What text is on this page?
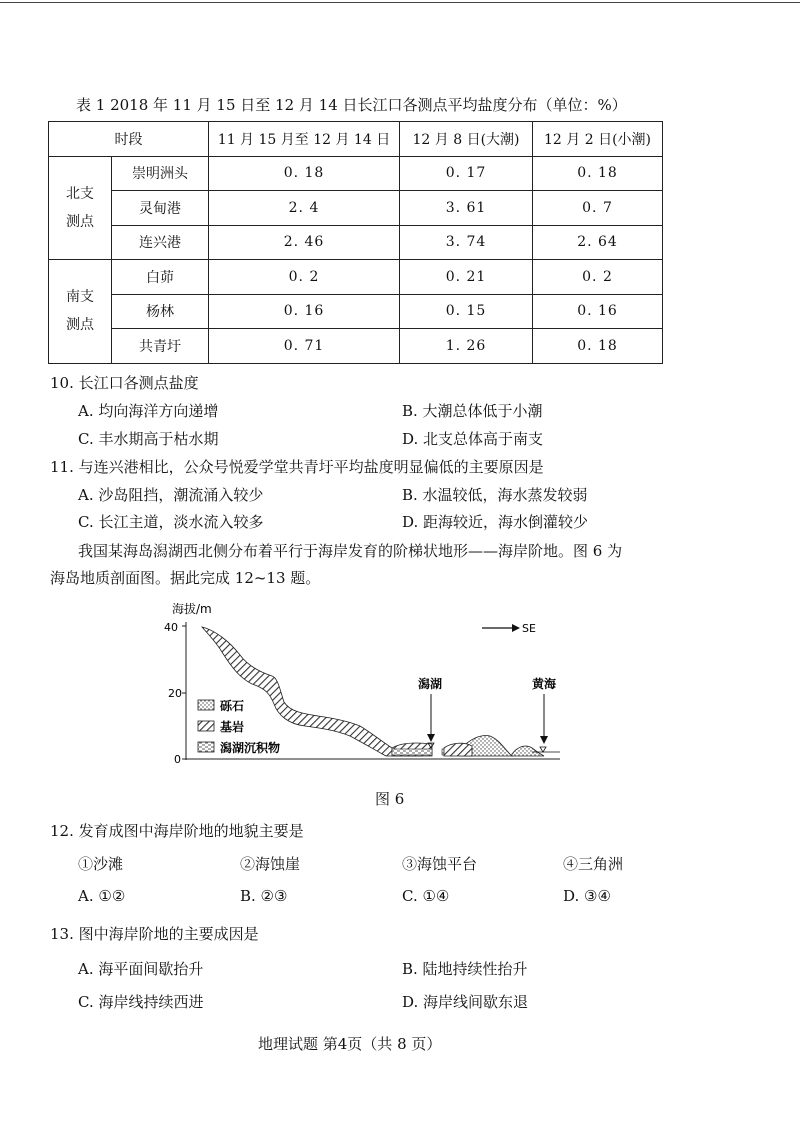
表 1 2018 年 11 月 15 日至 12 月 14 日长江口各测点平均盐度分布（单位：%）
时段		11 月 15 月至 12 月 14 日	12 月 8 日(大潮)	12 月 2 日(小潮)

北支
测点	崇明洲头	0. 18	0. 17	0. 18
	灵甸港	2. 4	3. 61	0. 7
	连兴港	2. 46	3. 74	2. 64

南支
测点	白茆	0. 2	0. 21	0. 2
	杨林	0. 16	0. 15	0. 16
	共青圩	0. 71	1. 26	0. 18
10. 长江口各测点盐度
A. 均向海洋方向递增	B. 大潮总体低于小潮
C. 丰水期高于枯水期	D. 北支总体高于南支
11. 与连兴港相比，公众号悦爱学堂共青圩平均盐度明显偏低的主要原因是
A. 沙岛阻挡，潮流涌入较少	B. 水温较低，海水蒸发较弱
C. 长江主道，淡水流入较多	D. 距海较近，海水倒灌较少
我国某海岛潟湖西北侧分布着平行于海岸发育的阶梯状地形——海岸阶地。图 6 为
海岛地质剖面图。据此完成 12~13 题。
海拔/m
40
20
0
SE
潟湖	黄海
砾石
基岩
潟湖沉积物
图 6
12. 发育成图中海岸阶地的地貌主要是
①沙滩	②海蚀崖	③海蚀平台	④三角洲
A. ①②	B. ②③	C. ①④	D. ③④
13. 图中海岸阶地的主要成因是
A. 海平面间歇抬升	B. 陆地持续性抬升
C. 海岸线持续西进	D. 海岸线间歇东退
地理试题 第4页（共 8 页）
